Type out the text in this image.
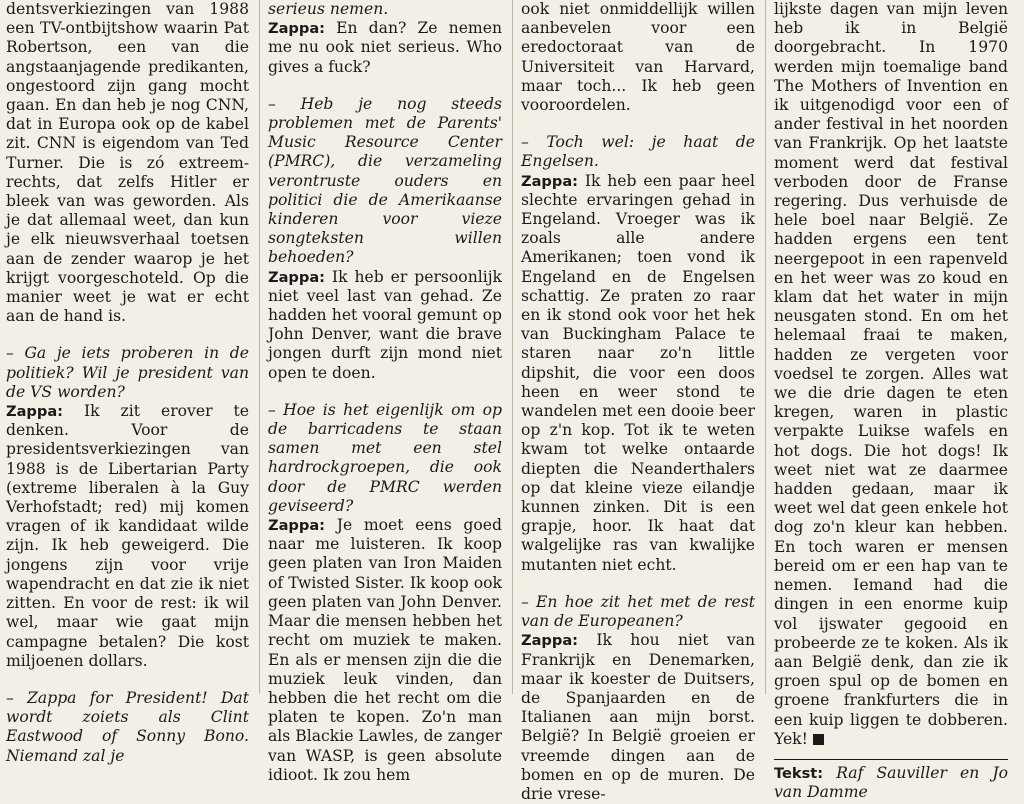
dentsverkiezingen van 1988 een TV-ontbijtshow waarin Pat Robertson, een van die angstaanjagende predikanten, ongestoord zijn gang mocht gaan. En dan heb je nog CNN, dat in Europa ook op de kabel zit. CNN is eigendom van Ted Turner. Die is zó extreem-rechts, dat zelfs Hitler er bleek van was geworden. Als je dat allemaal weet, dan kun je elk nieuwsverhaal toetsen aan de zender waarop je het krijgt voorgeschoteld. Op die manier weet je wat er echt aan de hand is.

– Ga je iets proberen in de politiek? Wil je president van de VS worden?

Zappa: Ik zit erover te denken. Voor de presidentsverkiezingen van 1988 is de Libertarian Party (extreme liberalen à la Guy Verhofstadt; red) mij komen vragen of ik kandidaat wilde zijn. Ik heb geweigerd. Die jongens zijn voor vrije wapendracht en dat zie ik niet zitten. En voor de rest: ik wil wel, maar wie gaat mijn campagne betalen? Die kost miljoenen dollars.

– Zappa for President! Dat wordt zoiets als Clint Eastwood of Sonny Bono. Niemand zal je

serieus nemen.

Zappa: En dan? Ze nemen me nu ook niet serieus. Who gives a fuck?

– Heb je nog steeds problemen met de Parents' Music Resource Center (PMRC), die verzameling verontruste ouders en politici die de Amerikaanse kinderen voor vieze songteksten willen behoeden?

Zappa: Ik heb er persoonlijk niet veel last van gehad. Ze hadden het vooral gemunt op John Denver, want die brave jongen durft zijn mond niet open te doen.

– Hoe is het eigenlijk om op de barricadens te staan samen met een stel hardrockgroepen, die ook door de PMRC werden geviseerd?

Zappa: Je moet eens goed naar me luisteren. Ik koop geen platen van Iron Maiden of Twisted Sister. Ik koop ook geen platen van John Denver. Maar die mensen hebben het recht om muziek te maken. En als er mensen zijn die die muziek leuk vinden, dan hebben die het recht om die platen te kopen. Zo'n man als Blackie Lawles, de zanger van WASP, is geen absolute idioot. Ik zou hem

ook niet onmiddellijk willen aanbevelen voor een eredoctoraat van de Universiteit van Harvard, maar toch... Ik heb geen vooroordelen.

– Toch wel: je haat de Engelsen.

Zappa: Ik heb een paar heel slechte ervaringen gehad in Engeland. Vroeger was ik zoals alle andere Amerikanen; toen vond ik Engeland en de Engelsen schattig. Ze praten zo raar en ik stond ook voor het hek van Buckingham Palace te staren naar zo'n little dipshit, die voor een doos heen en weer stond te wandelen met een dooie beer op z'n kop. Tot ik te weten kwam tot welke ontaarde diepten die Neanderthalers op dat kleine vieze eilandje kunnen zinken. Dit is een grapje, hoor. Ik haat dat walgelijke ras van kwalijke mutanten niet echt.

– En hoe zit het met de rest van de Europeanen?

Zappa: Ik hou niet van Frankrijk en Denemarken, maar ik koester de Duitsers, de Spanjaarden en de Italianen aan mijn borst. België? In België groeien er vreemde dingen aan de bomen en op de muren. De drie vrese-

lijkste dagen van mijn leven heb ik in België doorgebracht. In 1970 werden mijn toemalige band The Mothers of Invention en ik uitgenodigd voor een of ander festival in het noorden van Frankrijk. Op het laatste moment werd dat festival verboden door de Franse regering. Dus verhuisde de hele boel naar België. Ze hadden ergens een tent neergepoot in een rapenveld en het weer was zo koud en klam dat het water in mijn neusgaten stond. En om het helemaal fraai te maken, hadden ze vergeten voor voedsel te zorgen. Alles wat we die drie dagen te eten kregen, waren in plastic verpakte Luikse wafels en hot dogs. Die hot dogs! Ik weet niet wat ze daarmee hadden gedaan, maar ik weet wel dat geen enkele hot dog zo'n kleur kan hebben. En toch waren er mensen bereid om er een hap van te nemen. Iemand had die dingen in een enorme kuip vol ijswater gegooid en probeerde ze te koken. Als ik aan België denk, dan zie ik groen spul op de bomen en groene frankfurters die in een kuip liggen te dobberen. Yek!

Tekst: Raf Sauviller en Jo van Damme
